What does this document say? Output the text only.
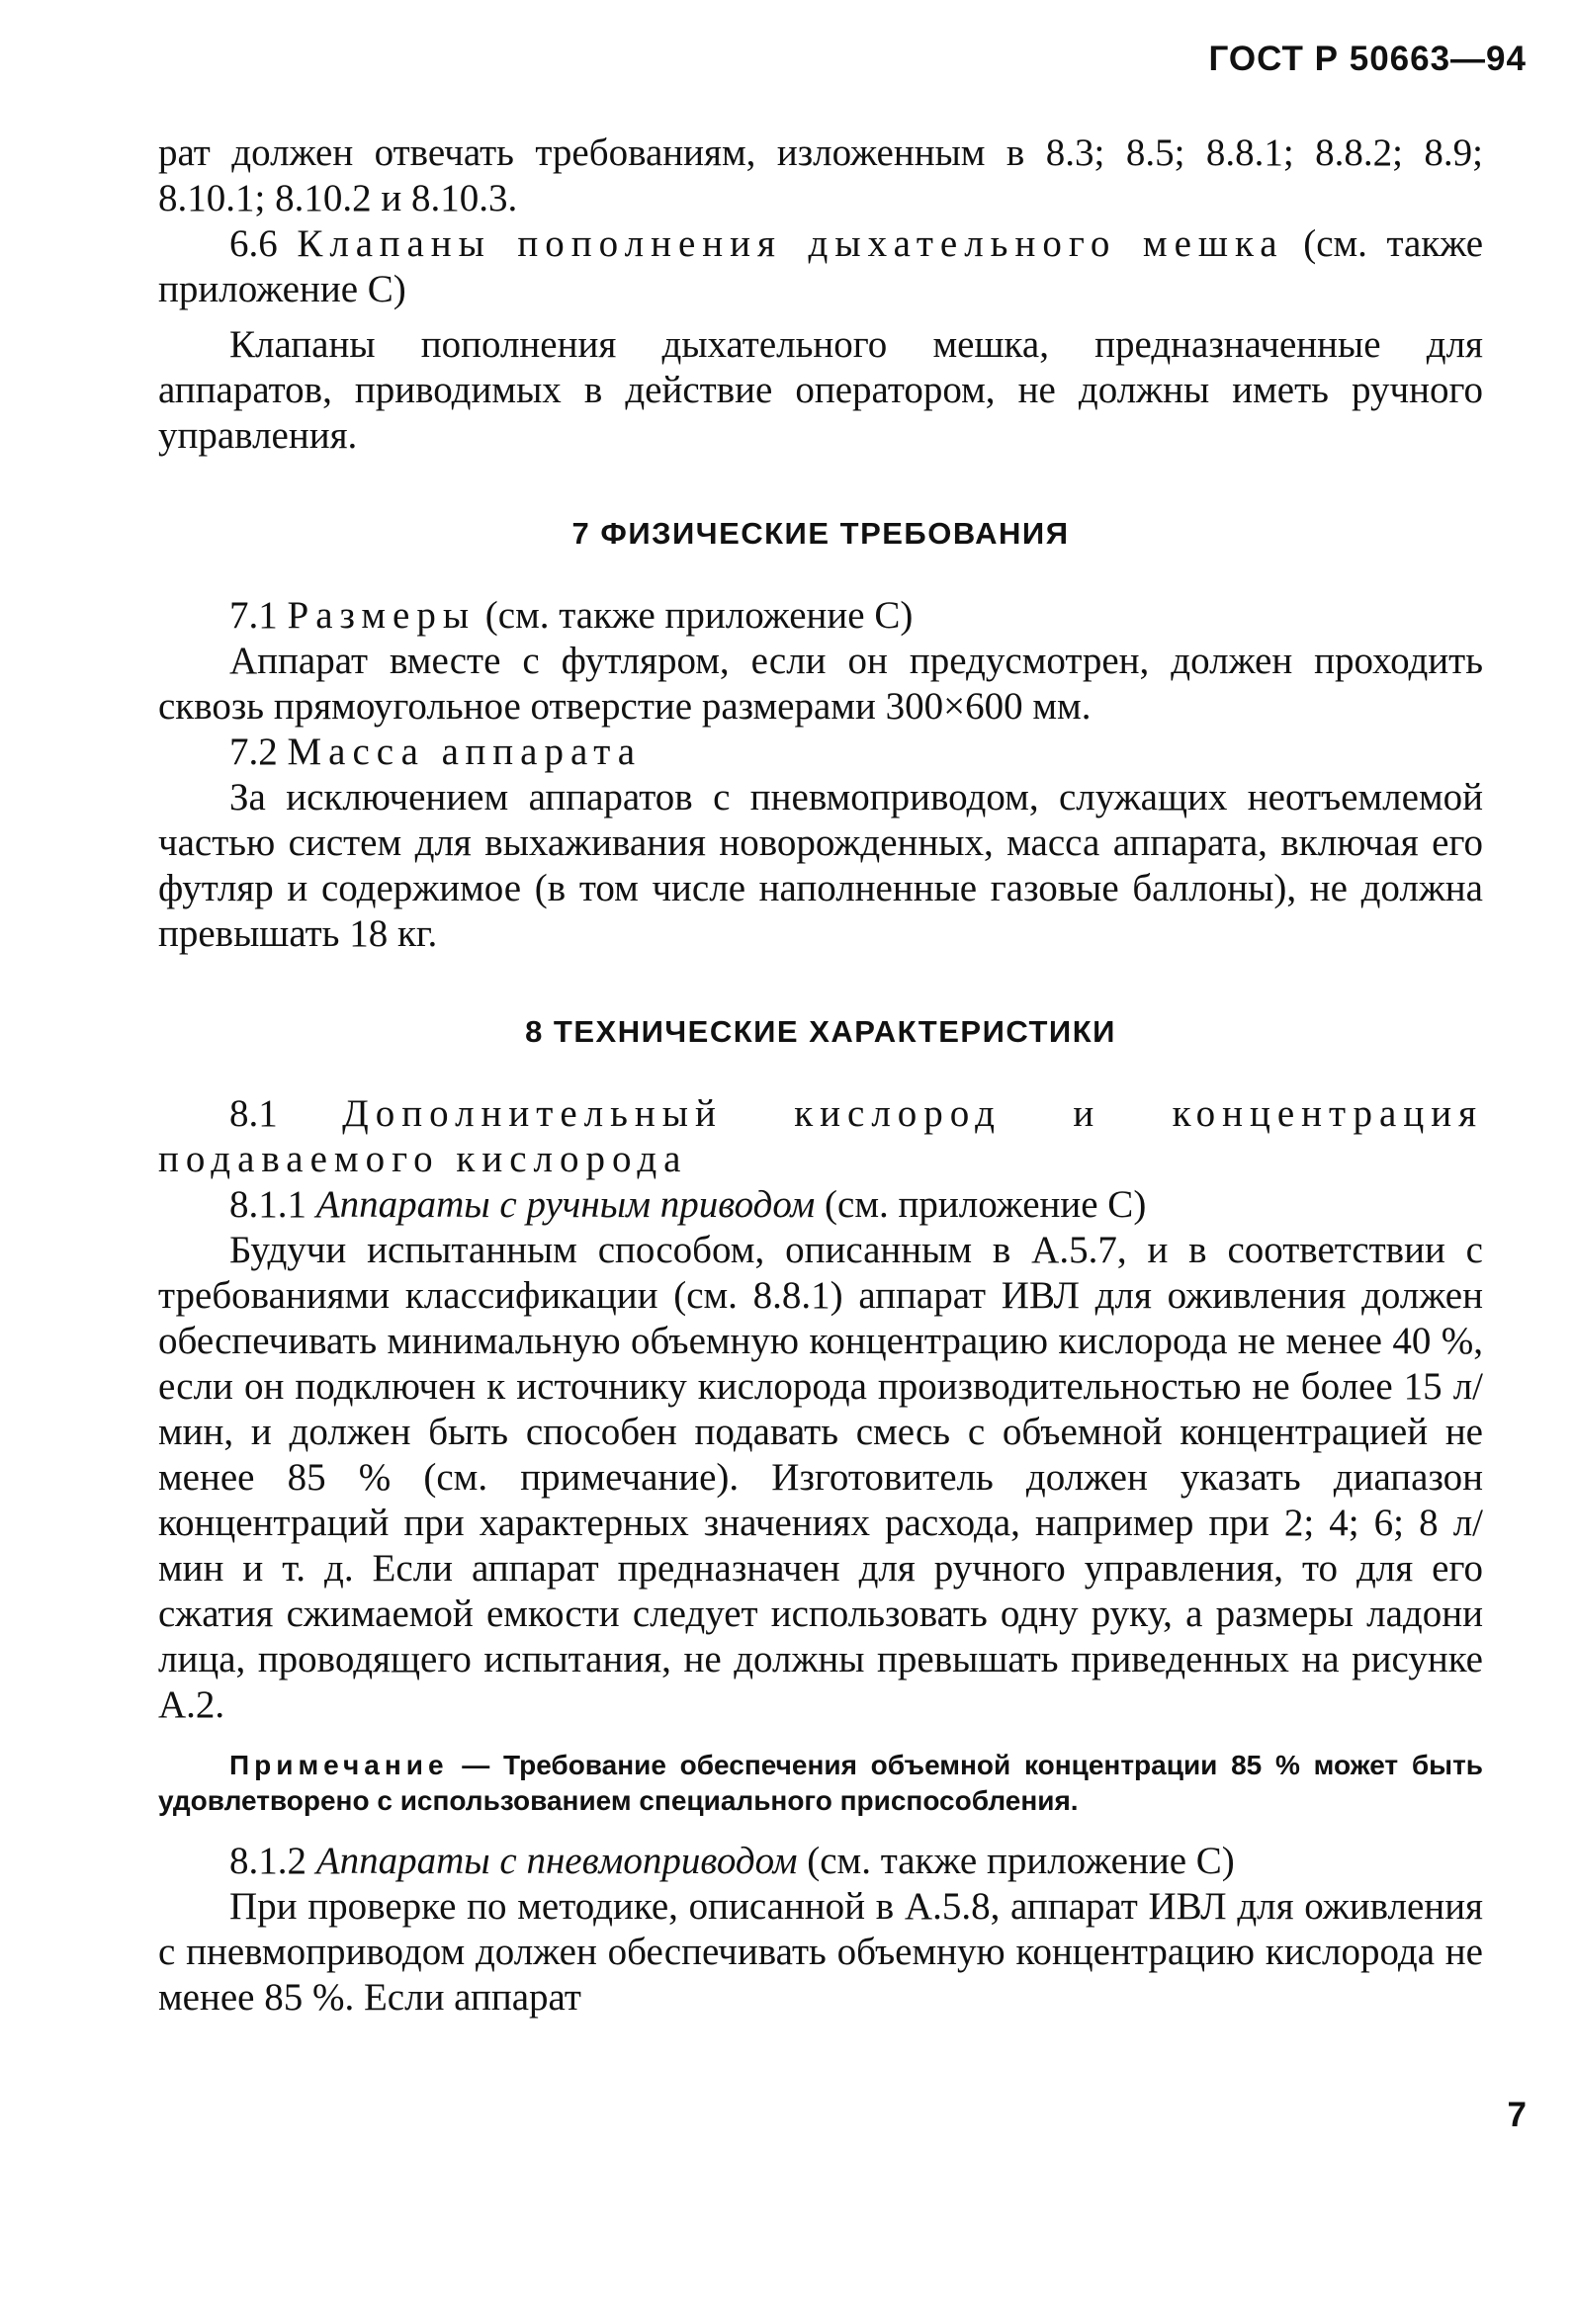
ГОСТ Р 50663—94

рат должен отвечать требованиям, изложенным в 8.3; 8.5; 8.8.1; 8.8.2; 8.9; 8.10.1; 8.10.2 и 8.10.3.

6.6 Клапаны пополнения дыхательного мешка (см. также приложение С)

Клапаны пополнения дыхательного мешка, предназначенные для аппаратов, приводимых в действие оператором, не должны иметь ручного управления.

7 ФИЗИЧЕСКИЕ ТРЕБОВАНИЯ

7.1 Размеры (см. также приложение С)

Аппарат вместе с футляром, если он предусмотрен, должен проходить сквозь прямоугольное отверстие размерами 300×600 мм.

7.2 Масса аппарата

За исключением аппаратов с пневмоприводом, служащих неотъемлемой частью систем для выхаживания новорожденных, масса аппарата, включая его футляр и содержимое (в том числе наполненные газовые баллоны), не должна превышать 18 кг.

8 ТЕХНИЧЕСКИЕ ХАРАКТЕРИСТИКИ

8.1 Дополнительный кислород и концентрация подаваемого кислорода

8.1.1 Аппараты с ручным приводом (см. приложение С)

Будучи испытанным способом, описанным в А.5.7, и в соответствии с требованиями классификации (см. 8.8.1) аппарат ИВЛ для оживления должен обеспечивать минимальную объемную концентрацию кислорода не менее 40 %, если он подключен к источнику кислорода производительностью не более 15 л/мин, и должен быть способен подавать смесь с объемной концентрацией не менее 85 % (см. примечание). Изготовитель должен указать диапазон концентраций при характерных значениях расхода, например при 2; 4; 6; 8 л/мин и т. д. Если аппарат предназначен для ручного управления, то для его сжатия сжимаемой емкости следует использовать одну руку, а размеры ладони лица, проводящего испытания, не должны превышать приведенных на рисунке А.2.

Примечание — Требование обеспечения объемной концентрации 85 % может быть удовлетворено с использованием специального приспособления.

8.1.2 Аппараты с пневмоприводом (см. также приложение С)

При проверке по методике, описанной в А.5.8, аппарат ИВЛ для оживления с пневмоприводом должен обеспечивать объемную концентрацию кислорода не менее 85 %. Если аппарат

7
